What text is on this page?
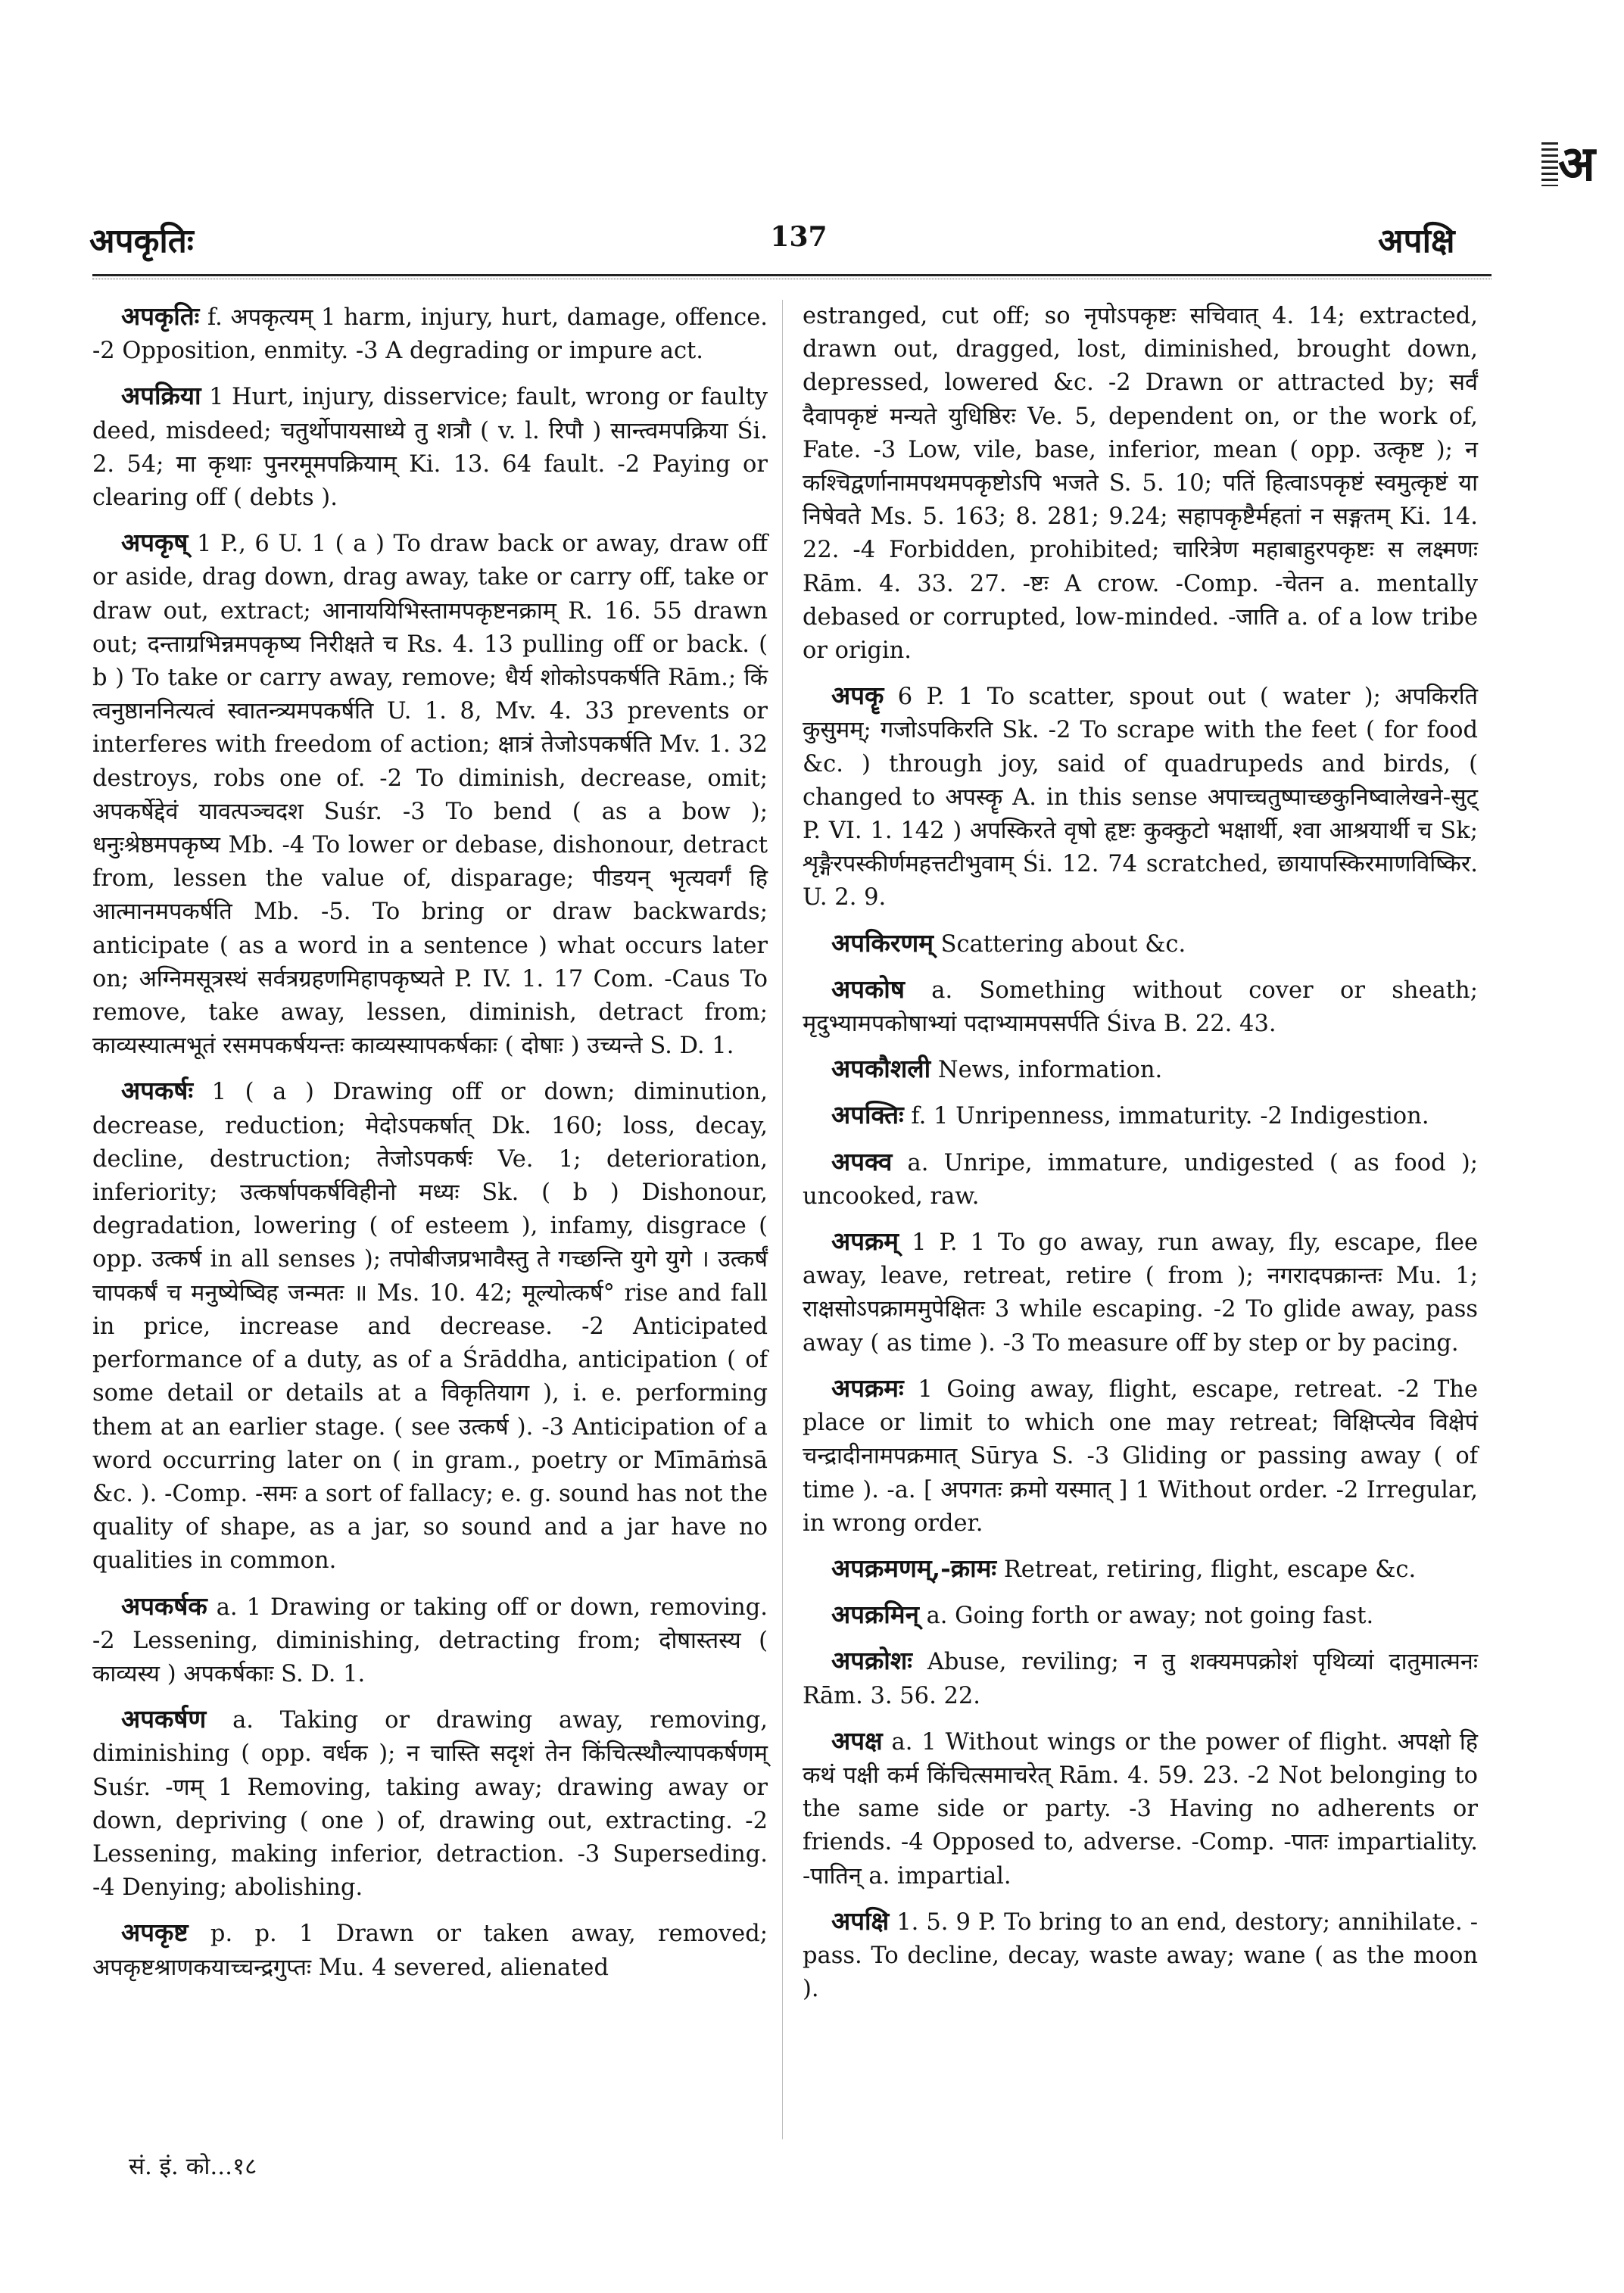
अ
अपकृतिः	137	अपक्षि

अपकृतिः f. अपकृत्यम् 1 harm, injury, hurt, damage, offence. -2 Opposition, enmity. -3 A degrading or impure act.

अपक्रिया 1 Hurt, injury, disservice; fault, wrong or faulty deed, misdeed; चतुर्थोपायसाध्ये तु शत्रौ ( v. l. रिपौ ) सान्त्वमपक्रिया Śi. 2. 54; मा कृथाः पुनरमूमपक्रियाम् Ki. 13. 64 fault. -2 Paying or clearing off ( debts ).

अपकृष् 1 P., 6 U. 1 ( a ) To draw back or away, draw off or aside, drag down, drag away, take or carry off, take or draw out, extract; आनाययिभिस्तामपकृष्टनक्राम् R. 16. 55 drawn out; दन्ताग्रभिन्नमपकृष्य निरीक्षते च Rs. 4. 13 pulling off or back. ( b ) To take or carry away, remove; धैर्य शोकोऽपकर्षति Rām.; किं त्वनुष्ठाननित्यत्वं स्वातन्त्र्यमपकर्षति U. 1. 8, Mv. 4. 33 prevents or interferes with freedom of action; क्षात्रं तेजोऽपकर्षति Mv. 1. 32 destroys, robs one of. -2 To diminish, decrease, omit; अपकर्षेद्देवं यावत्पञ्चदश Suśr. -3 To bend ( as a bow ); धनुःश्रेष्ठमपकृष्य Mb. -4 To lower or debase, dishonour, detract from, lessen the value of, disparage; पीडयन् भृत्यवर्गं हि आत्मानमपकर्षति Mb. -5. To bring or draw backwards; anticipate ( as a word in a sentence ) what occurs later on; अग्निमसूत्रस्थं सर्वत्रग्रहणमिहापकृष्यते P. IV. 1. 17 Com. -Caus To remove, take away, lessen, diminish, detract from; काव्यस्यात्मभूतं रसमपकर्षयन्तः काव्यस्यापकर्षकाः ( दोषाः ) उच्यन्ते S. D. 1.

अपकर्षः 1 ( a ) Drawing off or down; diminution, decrease, reduction; मेदोऽपकर्षात् Dk. 160; loss, decay, decline, destruction; तेजोऽपकर्षः Ve. 1; deterioration, inferiority; उत्कर्षापकर्षविहीनो मध्यः Sk. ( b ) Dishonour, degradation, lowering ( of esteem ), infamy, disgrace ( opp. उत्कर्ष in all senses ); तपोबीजप्रभावैस्तु ते गच्छन्ति युगे युगे । उत्कर्षं चापकर्षं च मनुष्येष्विह जन्मतः ॥ Ms. 10. 42; मूल्योत्कर्ष° rise and fall in price, increase and decrease. -2 Anticipated performance of a duty, as of a Śrāddha, anticipation ( of some detail or details at a विकृतियाग ), i. e. performing them at an earlier stage. ( see उत्कर्ष ). -3 Anticipation of a word occurring later on ( in gram., poetry or Mīmāṁsā &c. ). -Comp. -समः a sort of fallacy; e. g. sound has not the quality of shape, as a jar, so sound and a jar have no qualities in common.

अपकर्षक a. 1 Drawing or taking off or down, removing. -2 Lessening, diminishing, detracting from; दोषास्तस्य ( काव्यस्य ) अपकर्षकाः S. D. 1.

अपकर्षण a. Taking or drawing away, removing, diminishing ( opp. वर्धक ); न चास्ति सदृशं तेन किंचित्स्थौल्यापकर्षणम् Suśr. -णम् 1 Removing, taking away; drawing away or down, depriving ( one ) of, drawing out, extracting. -2 Lessening, making inferior, detraction. -3 Superseding. -4 Denying; abolishing.

अपकृष्ट p. p. 1 Drawn or taken away, removed; अपकृष्टश्राणकयाच्चन्द्रगुप्तः Mu. 4 severed, alienated

estranged, cut off; so नृपोऽपकृष्टः सचिवात् 4. 14; extracted, drawn out, dragged, lost, diminished, brought down, depressed, lowered &c. -2 Drawn or attracted by; सर्वं दैवापकृष्टं मन्यते युधिष्ठिरः Ve. 5, dependent on, or the work of, Fate. -3 Low, vile, base, inferior, mean ( opp. उत्कृष्ट ); न कश्चिद्वर्णानामपथमपकृष्टोऽपि भजते S. 5. 10; पतिं हित्वाऽपकृष्टं स्वमुत्कृष्टं या निषेवते Ms. 5. 163; 8. 281; 9.24; सहापकृष्टैर्महतां न सङ्गतम् Ki. 14. 22. -4 Forbidden, prohibited; चारित्रेण महाबाहुरपकृष्टः स लक्ष्मणः Rām. 4. 33. 27. -ष्टः A crow. -Comp. -चेतन a. mentally debased or corrupted, low-minded. -जाति a. of a low tribe or origin.

अपकॄ 6 P. 1 To scatter, spout out ( water ); अपकिरति कुसुमम्; गजोऽपकिरति Sk. -2 To scrape with the feet ( for food &c. ) through joy, said of quadrupeds and birds, ( changed to अपस्कॄ A. in this sense अपाच्चतुष्पाच्छकुनिष्वालेखने-सुट् P. VI. 1. 142 ) अपस्किरते वृषो हृष्टः कुक्कुटो भक्षार्थी, श्वा आश्रयार्थी च Sk; शृङ्गैरपस्कीर्णमहत्तटीभुवाम् Śi. 12. 74 scratched, छायापस्किरमाणविष्किर. U. 2. 9.

अपकिरणम् Scattering about &c.

अपकोष a. Something without cover or sheath; मृदुभ्यामपकोषाभ्यां पदाभ्यामपसर्पति Śiva B. 22. 43.

अपकौशली News, information.

अपक्तिः f. 1 Unripenness, immaturity. -2 Indigestion.

अपक्व a. Unripe, immature, undigested ( as food ); uncooked, raw.

अपक्रम् 1 P. 1 To go away, run away, fly, escape, flee away, leave, retreat, retire ( from ); नगरादपक्रान्तः Mu. 1; राक्षसोऽपक्राममुपेक्षितः 3 while escaping. -2 To glide away, pass away ( as time ). -3 To measure off by step or by pacing.

अपक्रमः 1 Going away, flight, escape, retreat. -2 The place or limit to which one may retreat; विक्षिप्त्येव विक्षेपं चन्द्रादीनामपक्रमात् Sūrya S. -3 Gliding or passing away ( of time ). -a. [ अपगतः क्रमो यस्मात् ] 1 Without order. -2 Irregular, in wrong order.

अपक्रमणम्,-क्रामः Retreat, retiring, flight, escape &c.

अपक्रमिन् a. Going forth or away; not going fast.

अपक्रोशः Abuse, reviling; न तु शक्यमपक्रोशं पृथिव्यां दातुमात्मनः Rām. 3. 56. 22.

अपक्ष a. 1 Without wings or the power of flight. अपक्षो हि कथं पक्षी कर्म किंचित्समाचरेत् Rām. 4. 59. 23. -2 Not belonging to the same side or party. -3 Having no adherents or friends. -4 Opposed to, adverse. -Comp. -पातः impartiality. -पातिन् a. impartial.

अपक्षि 1. 5. 9 P. To bring to an end, destory; annihilate. -pass. To decline, decay, waste away; wane ( as the moon ).

सं. इं. को...१८
